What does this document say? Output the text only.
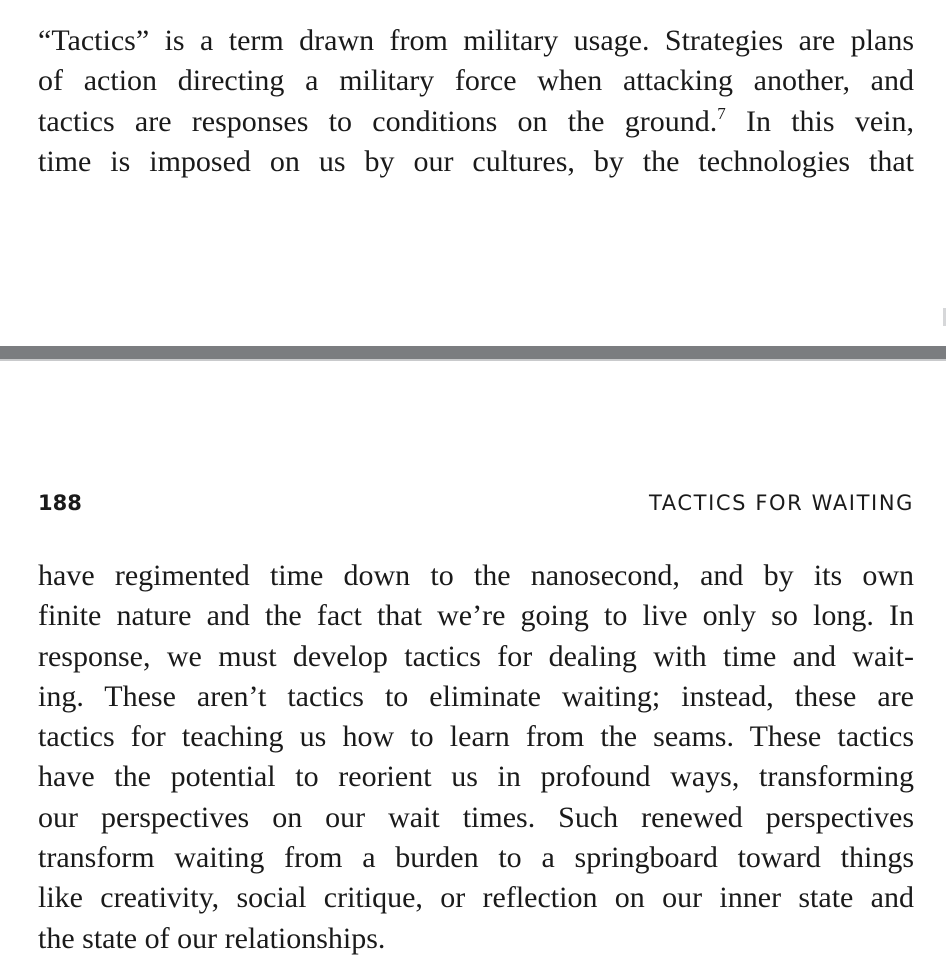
“Tactics” is a term drawn from military usage. Strategies are plans
of action directing a military force when attacking another, and
tactics are responses to conditions on the ground.$^7$ In this vein,
time is imposed on us by our cultures, by the technologies that
188	TACTICS FOR WAITING
have regimented time down to the nanosecond, and by its own
finite nature and the fact that we’re going to live only so long. In
response, we must develop tactics for dealing with time and wait-
ing. These aren’t tactics to eliminate waiting; instead, these are
tactics for teaching us how to learn from the seams. These tactics
have the potential to reorient us in profound ways, transforming
our perspectives on our wait times. Such renewed perspectives
transform waiting from a burden to a springboard toward things
like creativity, social critique, or reflection on our inner state and
the state of our relationships.
